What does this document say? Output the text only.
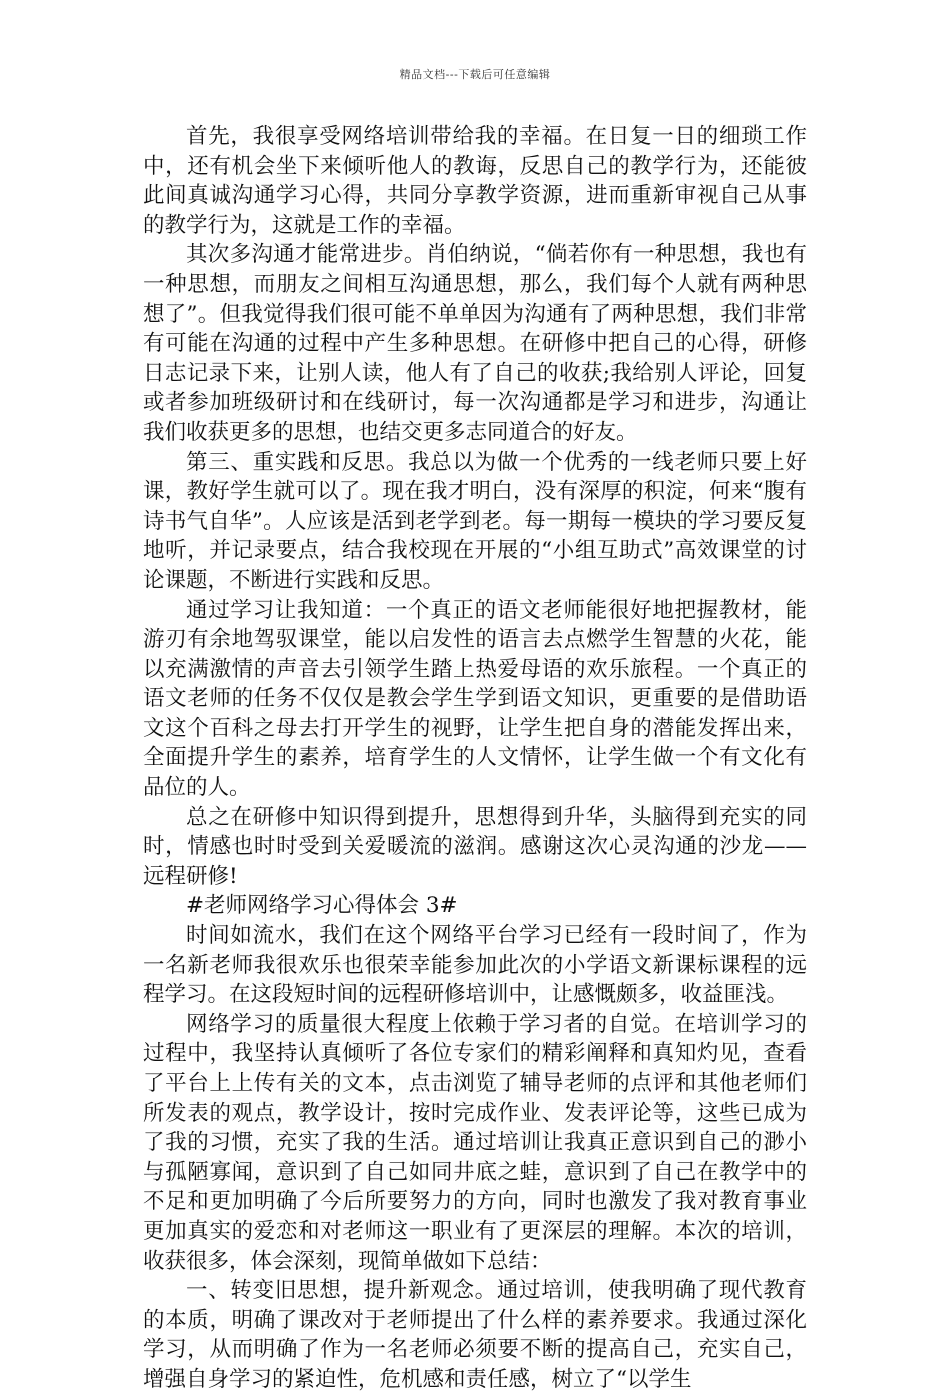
精品文档---下载后可任意编辑

首先，我很享受网络培训带给我的幸福。在日复一日的细琐工作中，还有机会坐下来倾听他人的教诲，反思自己的教学行为，还能彼此间真诚沟通学习心得，共同分享教学资源，进而重新审视自己从事的教学行为，这就是工作的幸福。

其次多沟通才能常进步。肖伯纳说，“倘若你有一种思想，我也有一种思想，而朋友之间相互沟通思想，那么，我们每个人就有两种思想了”。但我觉得我们很可能不单单因为沟通有了两种思想，我们非常有可能在沟通的过程中产生多种思想。在研修中把自己的心得，研修日志记录下来，让别人读，他人有了自己的收获;我给别人评论，回复或者参加班级研讨和在线研讨，每一次沟通都是学习和进步，沟通让我们收获更多的思想，也结交更多志同道合的好友。

第三、重实践和反思。我总以为做一个优秀的一线老师只要上好课，教好学生就可以了。现在我才明白，没有深厚的积淀，何来“腹有诗书气自华”。人应该是活到老学到老。每一期每一模块的学习要反复地听，并记录要点，结合我校现在开展的“小组互助式”高效课堂的讨论课题，不断进行实践和反思。

通过学习让我知道：一个真正的语文老师能很好地把握教材，能游刃有余地驾驭课堂，能以启发性的语言去点燃学生智慧的火花，能以充满激情的声音去引领学生踏上热爱母语的欢乐旅程。一个真正的语文老师的任务不仅仅是教会学生学到语文知识，更重要的是借助语文这个百科之母去打开学生的视野，让学生把自身的潜能发挥出来，全面提升学生的素养，培育学生的人文情怀，让学生做一个有文化有品位的人。

总之在研修中知识得到提升，思想得到升华，头脑得到充实的同时，情感也时时受到关爱暖流的滋润。感谢这次心灵沟通的沙龙——远程研修!

#老师网络学习心得体会 3#

时间如流水，我们在这个网络平台学习已经有一段时间了，作为一名新老师我很欢乐也很荣幸能参加此次的小学语文新课标课程的远程学习。在这段短时间的远程研修培训中，让感慨颇多，收益匪浅。

网络学习的质量很大程度上依赖于学习者的自觉。在培训学习的过程中，我坚持认真倾听了各位专家们的精彩阐释和真知灼见，查看了平台上上传有关的文本，点击浏览了辅导老师的点评和其他老师们所发表的观点，教学设计，按时完成作业、发表评论等，这些已成为了我的习惯，充实了我的生活。通过培训让我真正意识到自己的渺小与孤陋寡闻，意识到了自己如同井底之蛙，意识到了自己在教学中的不足和更加明确了今后所要努力的方向，同时也激发了我对教育事业更加真实的爱恋和对老师这一职业有了更深层的理解。本次的培训，收获很多，体会深刻，现简单做如下总结：

一、转变旧思想，提升新观念。通过培训，使我明确了现代教育的本质，明确了课改对于老师提出了什么样的素养要求。我通过深化学习，从而明确了作为一名老师必须要不断的提高自己，充实自己，增强自身学习的紧迫性，危机感和责任感，树立了“以学生
